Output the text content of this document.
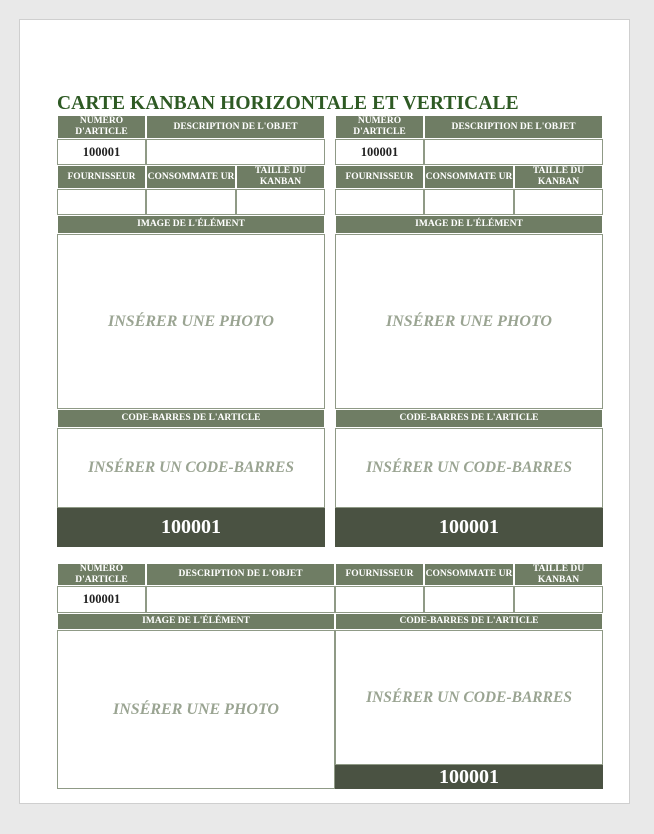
CARTE KANBAN HORIZONTALE ET VERTICALE
NUMÉRO D'ARTICLE
DESCRIPTION DE L'OBJET
100001
FOURNISSEUR	CONSOMMATE UR
TAILLE DU KANBAN
IMAGE DE L'ÉLÉMENT
INSÉRER UNE PHOTO
CODE-BARRES DE L'ARTICLE
INSÉRER UN CODE-BARRES
100001
NUMÉRO D'ARTICLE
DESCRIPTION DE L'OBJET
100001
FOURNISSEUR	CONSOMMATE UR
TAILLE DU KANBAN
IMAGE DE L'ÉLÉMENT
INSÉRER UNE PHOTO
CODE-BARRES DE L'ARTICLE
INSÉRER UN CODE-BARRES
100001
NUMÉRO D'ARTICLE
DESCRIPTION DE L'OBJET	FOURNISSEUR	CONSOMMATE UR
TAILLE DU KANBAN
100001
IMAGE DE L'ÉLÉMENT	CODE-BARRES DE L'ARTICLE
INSÉRER UNE PHOTO
INSÉRER UN CODE-BARRES
100001
